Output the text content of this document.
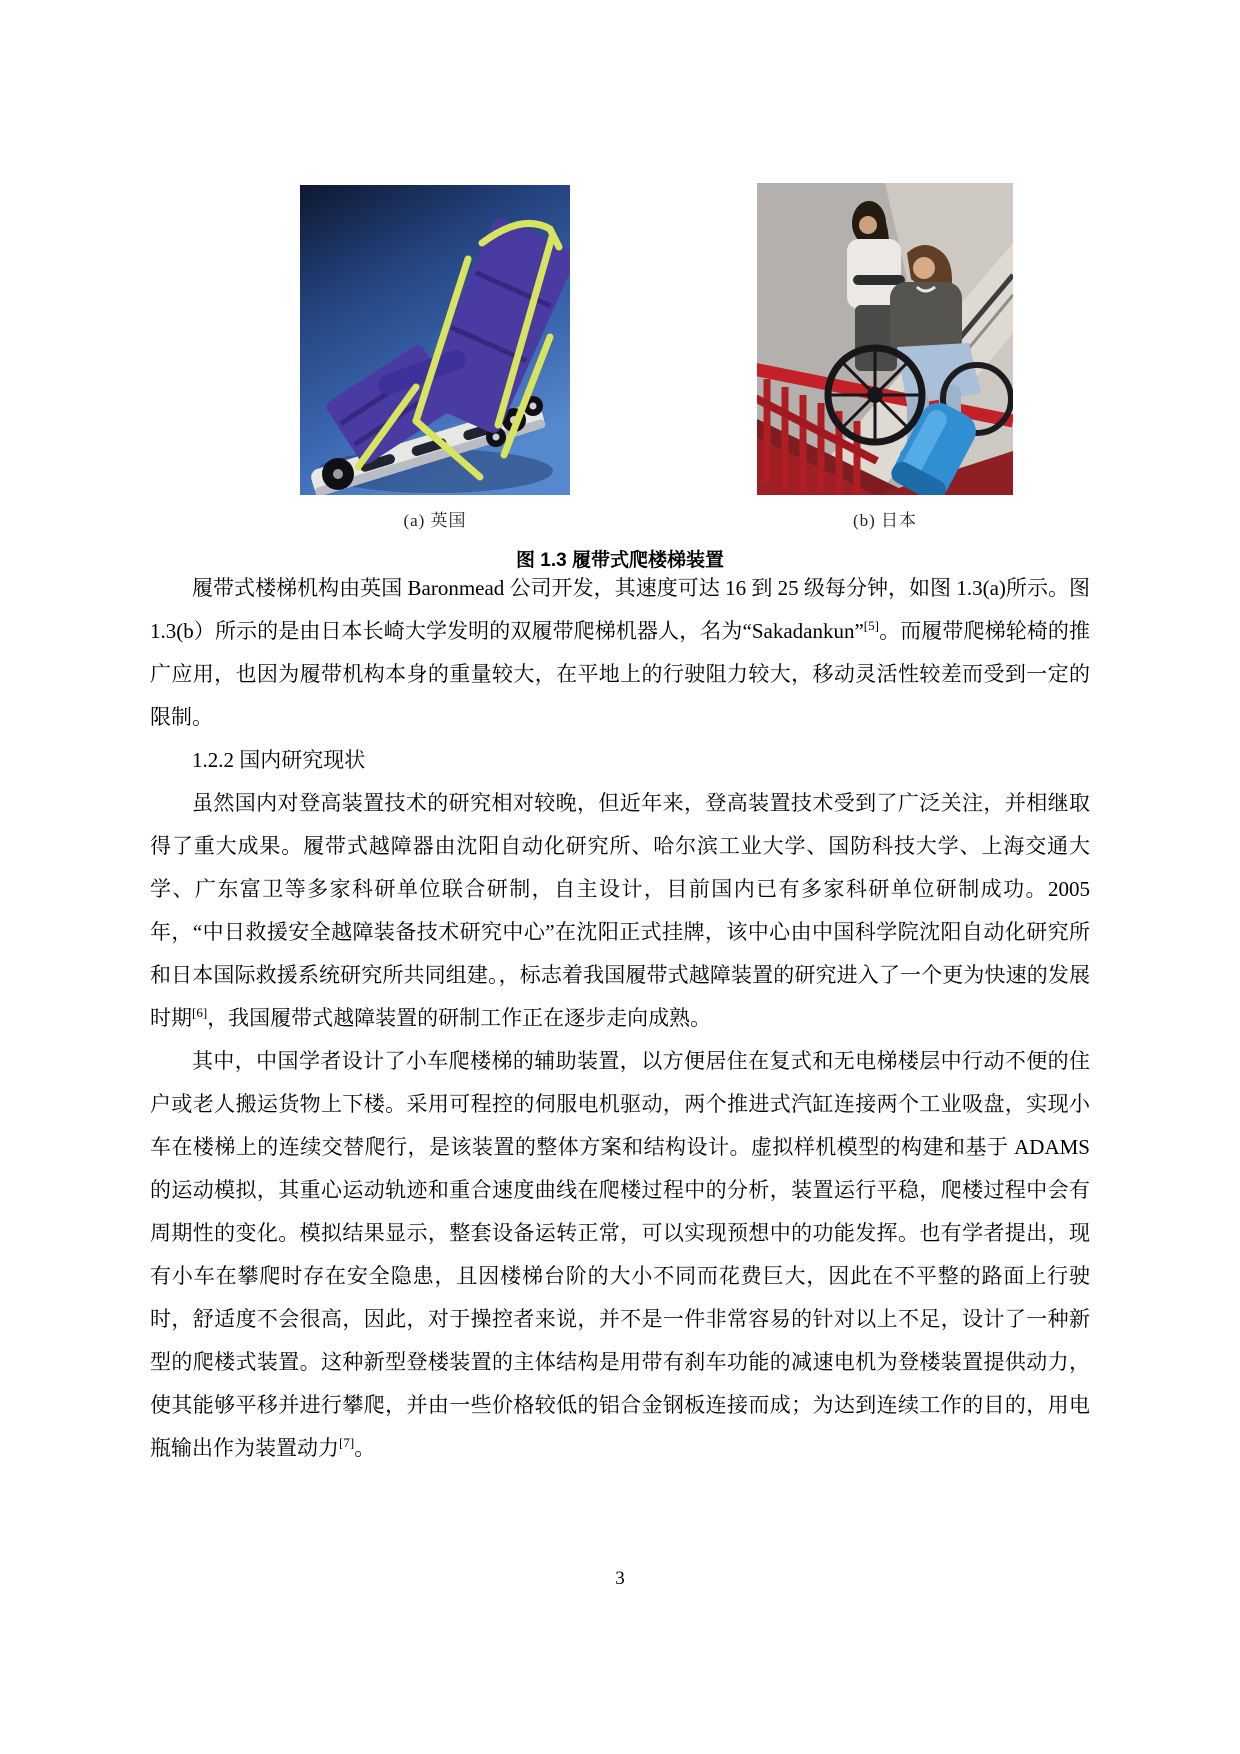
(a) 英国	(b) 日本
图 1.3 履带式爬楼梯装置

履带式楼梯机构由英国 Baronmead 公司开发，其速度可达 16 到 25 级每分钟，如图 1.3(a)所示。图 1.3(b）所示的是由日本长崎大学发明的双履带爬梯机器人，名为“Sakadankun”[5]。而履带爬梯轮椅的推广应用，也因为履带机构本身的重量较大，在平地上的行驶阻力较大，移动灵活性较差而受到一定的限制。

1.2.2 国内研究现状

虽然国内对登高装置技术的研究相对较晚，但近年来，登高装置技术受到了广泛关注，并相继取得了重大成果。履带式越障器由沈阳自动化研究所、哈尔滨工业大学、国防科技大学、上海交通大学、广东富卫等多家科研单位联合研制，自主设计，目前国内已有多家科研单位研制成功。2005 年，“中日救援安全越障装备技术研究中心”在沈阳正式挂牌，该中心由中国科学院沈阳自动化研究所和日本国际救援系统研究所共同组建。，标志着我国履带式越障装置的研究进入了一个更为快速的发展时期[6]，我国履带式越障装置的研制工作正在逐步走向成熟。

其中，中国学者设计了小车爬楼梯的辅助装置，以方便居住在复式和无电梯楼层中行动不便的住户或老人搬运货物上下楼。采用可程控的伺服电机驱动，两个推进式汽缸连接两个工业吸盘，实现小车在楼梯上的连续交替爬行，是该装置的整体方案和结构设计。虚拟样机模型的构建和基于 ADAMS 的运动模拟，其重心运动轨迹和重合速度曲线在爬楼过程中的分析，装置运行平稳，爬楼过程中会有周期性的变化。模拟结果显示，整套设备运转正常，可以实现预想中的功能发挥。也有学者提出，现有小车在攀爬时存在安全隐患，且因楼梯台阶的大小不同而花费巨大，因此在不平整的路面上行驶时，舒适度不会很高，因此，对于操控者来说，并不是一件非常容易的针对以上不足，设计了一种新型的爬楼式装置。这种新型登楼装置的主体结构是用带有刹车功能的减速电机为登楼装置提供动力，使其能够平移并进行攀爬，并由一些价格较低的铝合金钢板连接而成；为达到连续工作的目的，用电瓶输出作为装置动力[7]。

3
